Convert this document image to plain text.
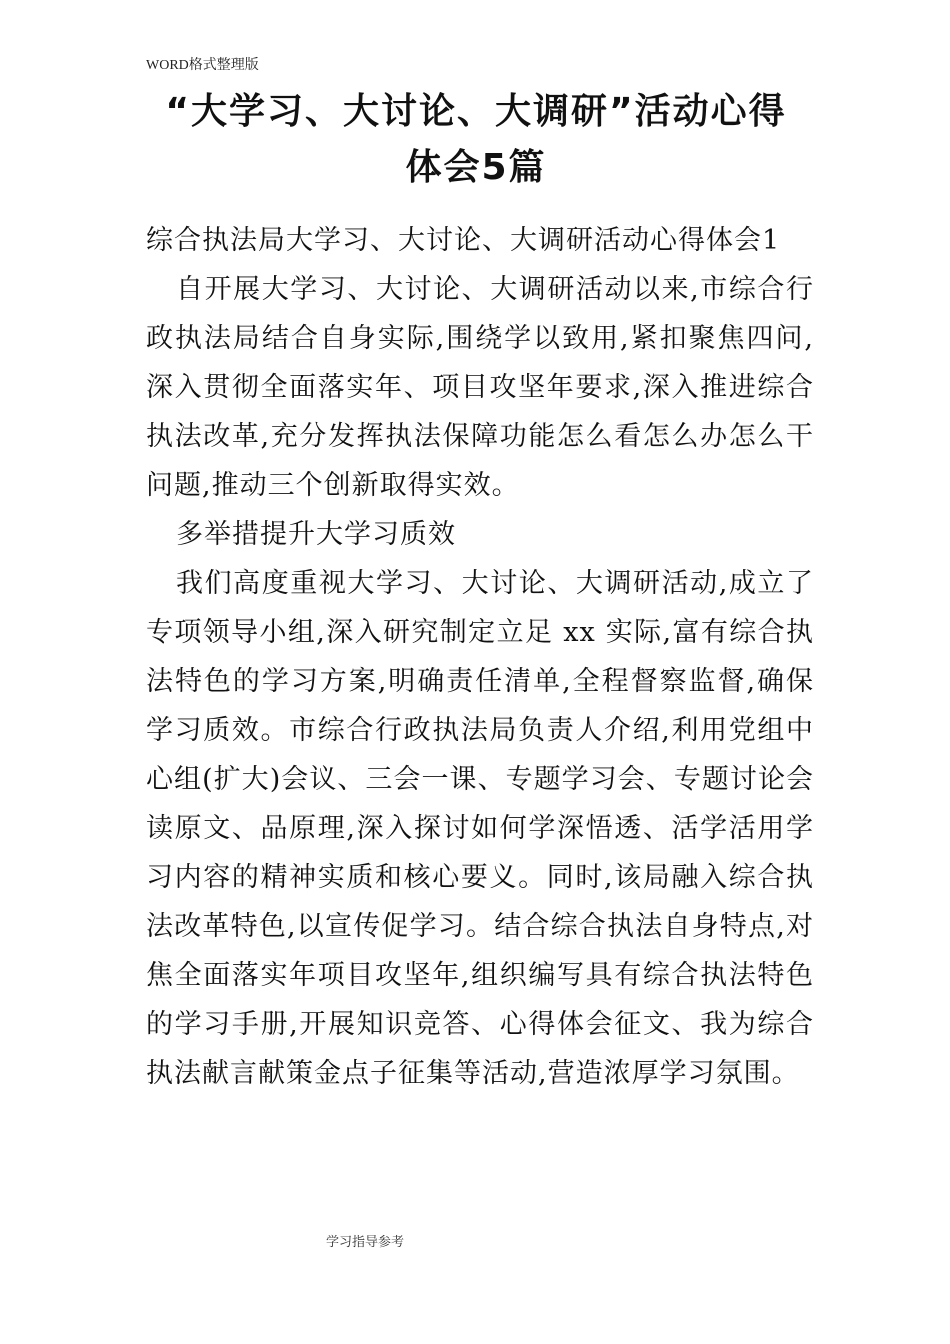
WORD格式整理版
“大学习、大讨论、大调研”活动心得
体会5篇

综合执法局大学习、大讨论、大调研活动心得体会1

自开展大学习、大讨论、大调研活动以来,市综合行政执法局结合自身实际,围绕学以致用,紧扣聚焦四问,深入贯彻全面落实年、项目攻坚年要求,深入推进综合执法改革,充分发挥执法保障功能怎么看怎么办怎么干问题,推动三个创新取得实效。

多举措提升大学习质效

我们高度重视大学习、大讨论、大调研活动,成立了专项领导小组,深入研究制定立足 xx 实际,富有综合执法特色的学习方案,明确责任清单,全程督察监督,确保学习质效。市综合行政执法局负责人介绍,利用党组中心组(扩大)会议、三会一课、专题学习会、专题讨论会读原文、品原理,深入探讨如何学深悟透、活学活用学习内容的精神实质和核心要义。同时,该局融入综合执法改革特色,以宣传促学习。结合综合执法自身特点,对焦全面落实年项目攻坚年,组织编写具有综合执法特色的学习手册,开展知识竞答、心得体会征文、我为综合执法献言献策金点子征集等活动,营造浓厚学习氛围。

学习指导参考
